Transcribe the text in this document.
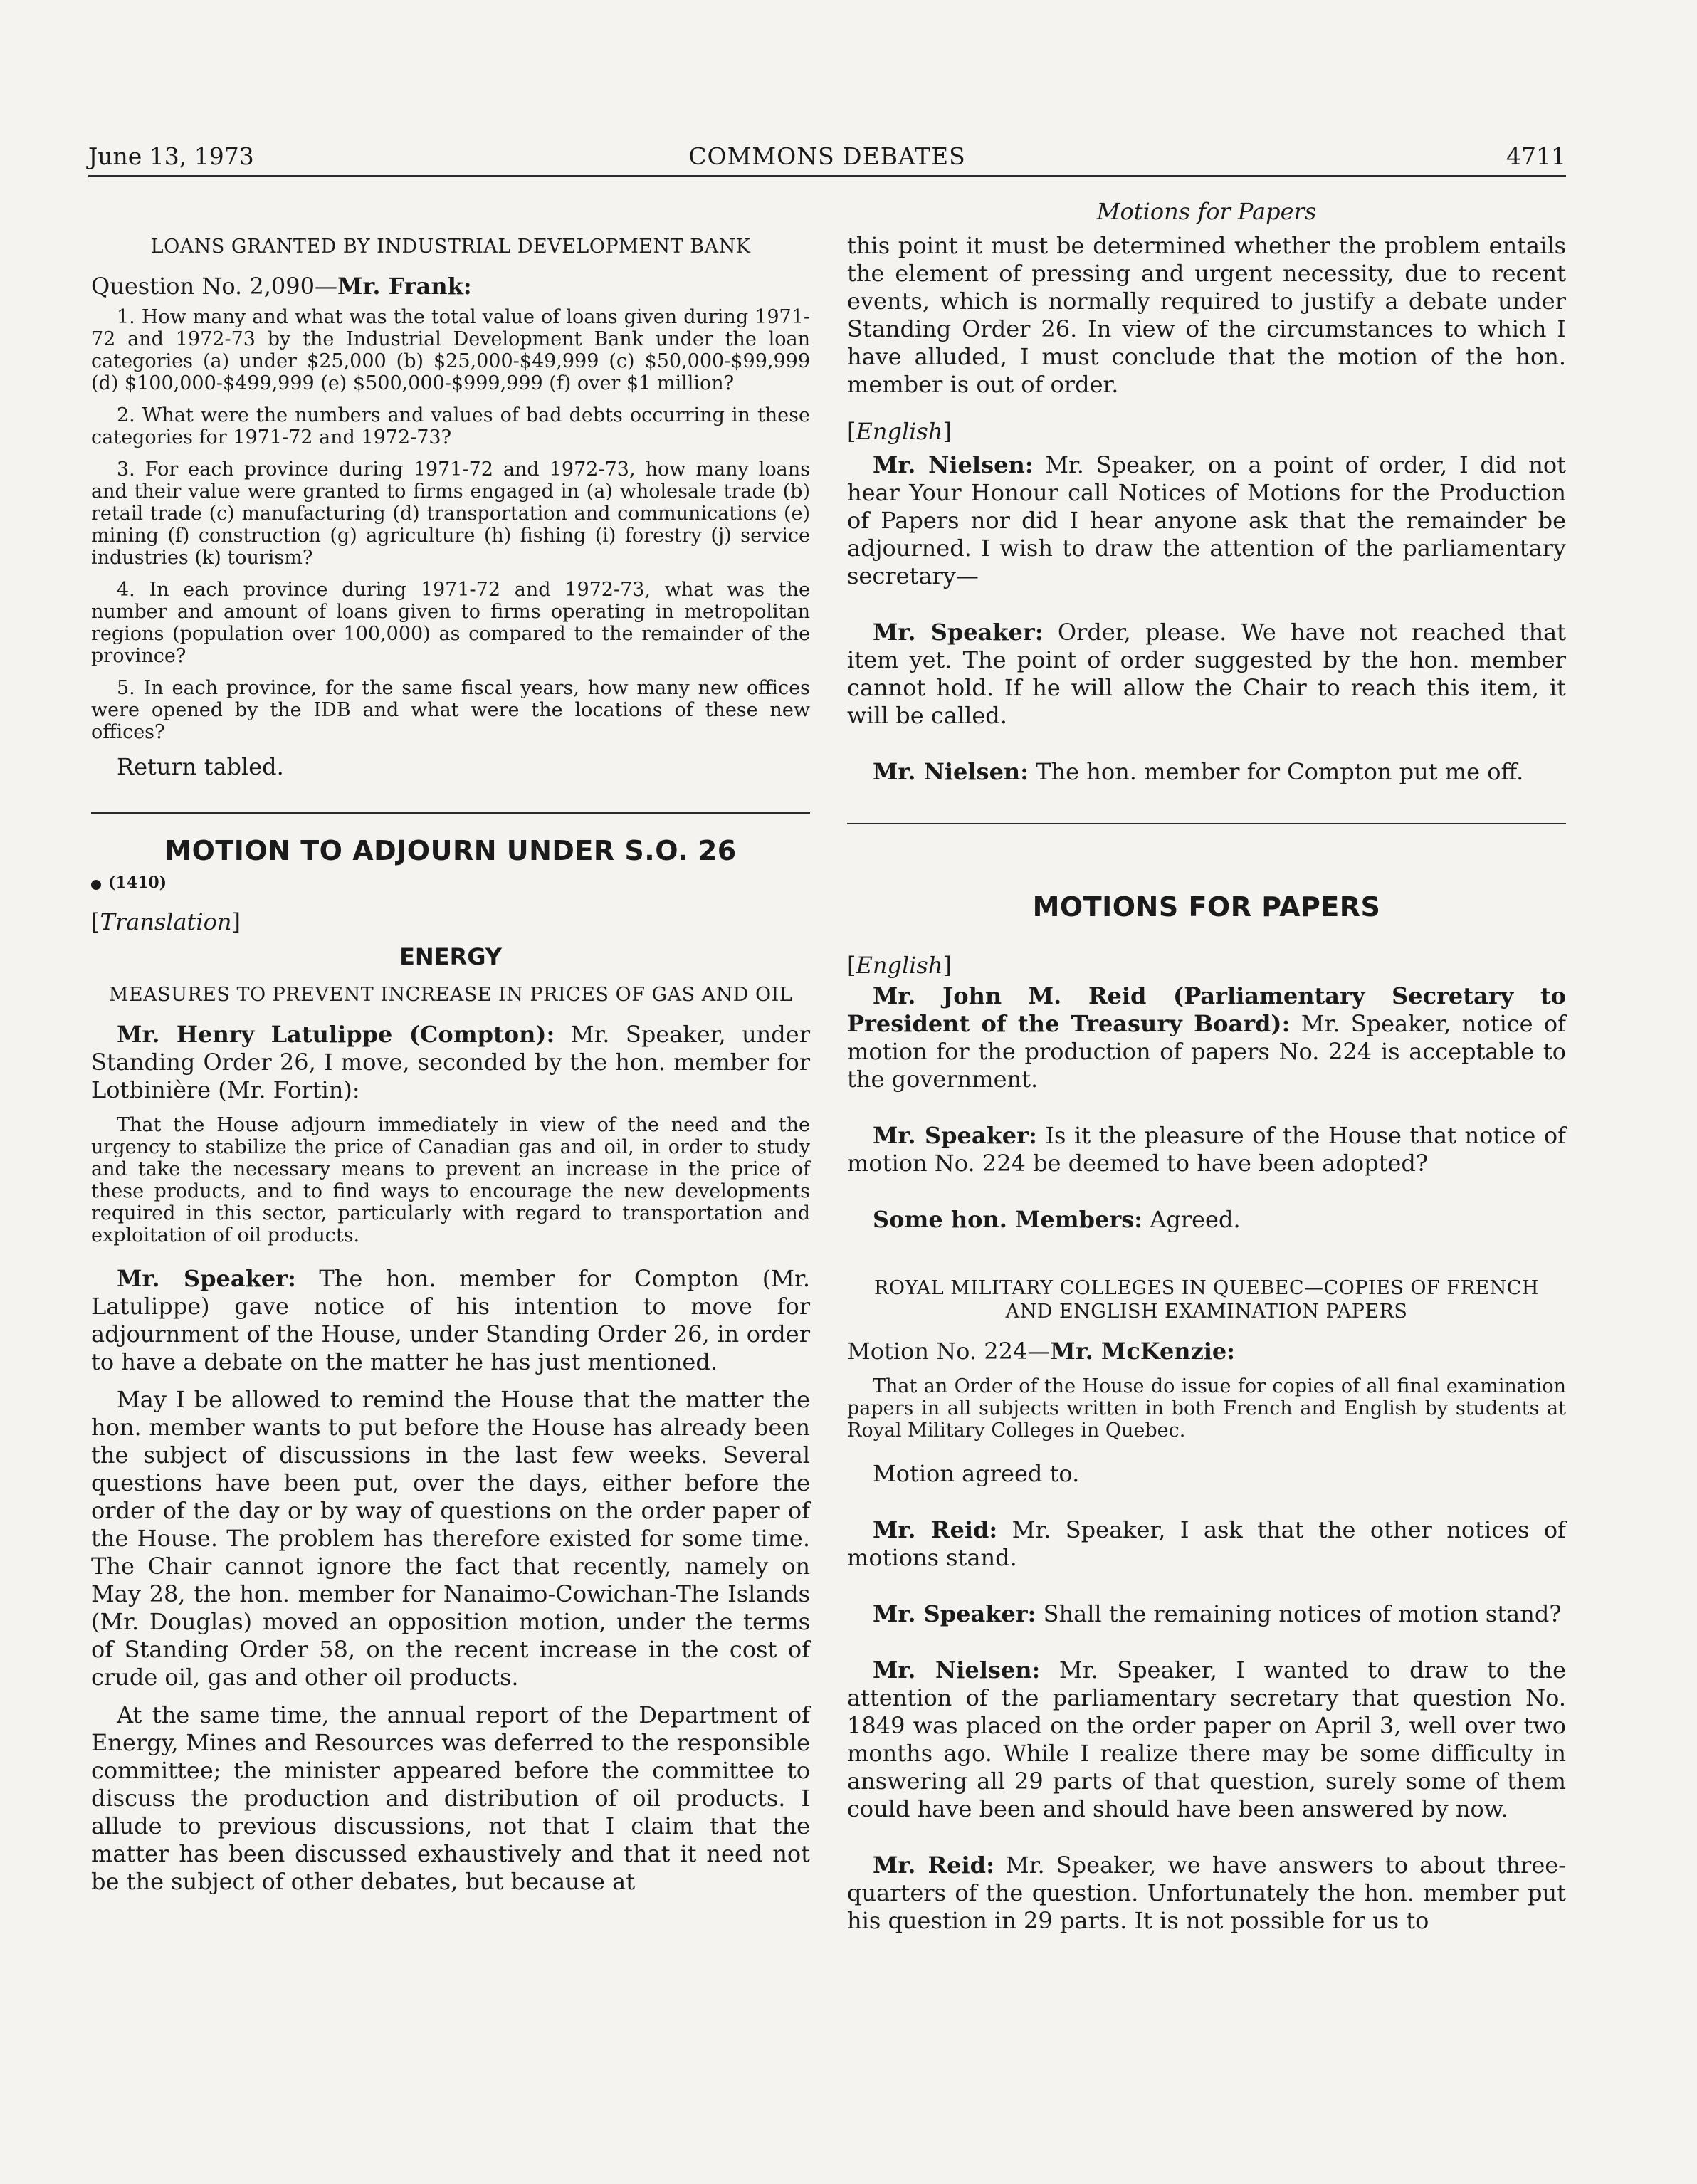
June 13, 1973	COMMONS DEBATES	4711

LOANS GRANTED BY INDUSTRIAL DEVELOPMENT BANK

Question No. 2,090—Mr. Frank:

1. How many and what was the total value of loans given during 1971-72 and 1972-73 by the Industrial Development Bank under the loan categories (a) under $25,000 (b) $25,000-$49,999 (c) $50,000-$99,999 (d) $100,000-$499,999 (e) $500,000-$999,999 (f) over $1 million?

2. What were the numbers and values of bad debts occurring in these categories for 1971-72 and 1972-73?

3. For each province during 1971-72 and 1972-73, how many loans and their value were granted to firms engaged in (a) wholesale trade (b) retail trade (c) manufacturing (d) transportation and communications (e) mining (f) construction (g) agriculture (h) fishing (i) forestry (j) service industries (k) tourism?

4. In each province during 1971-72 and 1972-73, what was the number and amount of loans given to firms operating in metropolitan regions (population over 100,000) as compared to the remainder of the province?

5. In each province, for the same fiscal years, how many new offices were opened by the IDB and what were the locations of these new offices?

Return tabled.

MOTION TO ADJOURN UNDER S.O. 26

(1410)

[Translation]

ENERGY

MEASURES TO PREVENT INCREASE IN PRICES OF GAS AND OIL

Mr. Henry Latulippe (Compton): Mr. Speaker, under Standing Order 26, I move, seconded by the hon. member for Lotbinière (Mr. Fortin):

That the House adjourn immediately in view of the need and the urgency to stabilize the price of Canadian gas and oil, in order to study and take the necessary means to prevent an increase in the price of these products, and to find ways to encourage the new developments required in this sector, particularly with regard to transportation and exploitation of oil products.

Mr. Speaker: The hon. member for Compton (Mr. Latulippe) gave notice of his intention to move for adjournment of the House, under Standing Order 26, in order to have a debate on the matter he has just mentioned.

May I be allowed to remind the House that the matter the hon. member wants to put before the House has already been the subject of discussions in the last few weeks. Several questions have been put, over the days, either before the order of the day or by way of questions on the order paper of the House. The problem has therefore existed for some time. The Chair cannot ignore the fact that recently, namely on May 28, the hon. member for Nanaimo-Cowichan-The Islands (Mr. Douglas) moved an opposition motion, under the terms of Standing Order 58, on the recent increase in the cost of crude oil, gas and other oil products.

At the same time, the annual report of the Department of Energy, Mines and Resources was deferred to the responsible committee; the minister appeared before the committee to discuss the production and distribution of oil products. I allude to previous discussions, not that I claim that the matter has been discussed exhaustively and that it need not be the subject of other debates, but because at

Motions for Papers

this point it must be determined whether the problem entails the element of pressing and urgent necessity, due to recent events, which is normally required to justify a debate under Standing Order 26. In view of the circumstances to which I have alluded, I must conclude that the motion of the hon. member is out of order.

[English]

Mr. Nielsen: Mr. Speaker, on a point of order, I did not hear Your Honour call Notices of Motions for the Production of Papers nor did I hear anyone ask that the remainder be adjourned. I wish to draw the attention of the parliamentary secretary—

Mr. Speaker: Order, please. We have not reached that item yet. The point of order suggested by the hon. member cannot hold. If he will allow the Chair to reach this item, it will be called.

Mr. Nielsen: The hon. member for Compton put me off.

MOTIONS FOR PAPERS

[English]

Mr. John M. Reid (Parliamentary Secretary to President of the Treasury Board): Mr. Speaker, notice of motion for the production of papers No. 224 is acceptable to the government.

Mr. Speaker: Is it the pleasure of the House that notice of motion No. 224 be deemed to have been adopted?

Some hon. Members: Agreed.

ROYAL MILITARY COLLEGES IN QUEBEC—COPIES OF FRENCH AND ENGLISH EXAMINATION PAPERS

Motion No. 224—Mr. McKenzie:

That an Order of the House do issue for copies of all final examination papers in all subjects written in both French and English by students at Royal Military Colleges in Quebec.

Motion agreed to.

Mr. Reid: Mr. Speaker, I ask that the other notices of motions stand.

Mr. Speaker: Shall the remaining notices of motion stand?

Mr. Nielsen: Mr. Speaker, I wanted to draw to the attention of the parliamentary secretary that question No. 1849 was placed on the order paper on April 3, well over two months ago. While I realize there may be some difficulty in answering all 29 parts of that question, surely some of them could have been and should have been answered by now.

Mr. Reid: Mr. Speaker, we have answers to about three-quarters of the question. Unfortunately the hon. member put his question in 29 parts. It is not possible for us to
